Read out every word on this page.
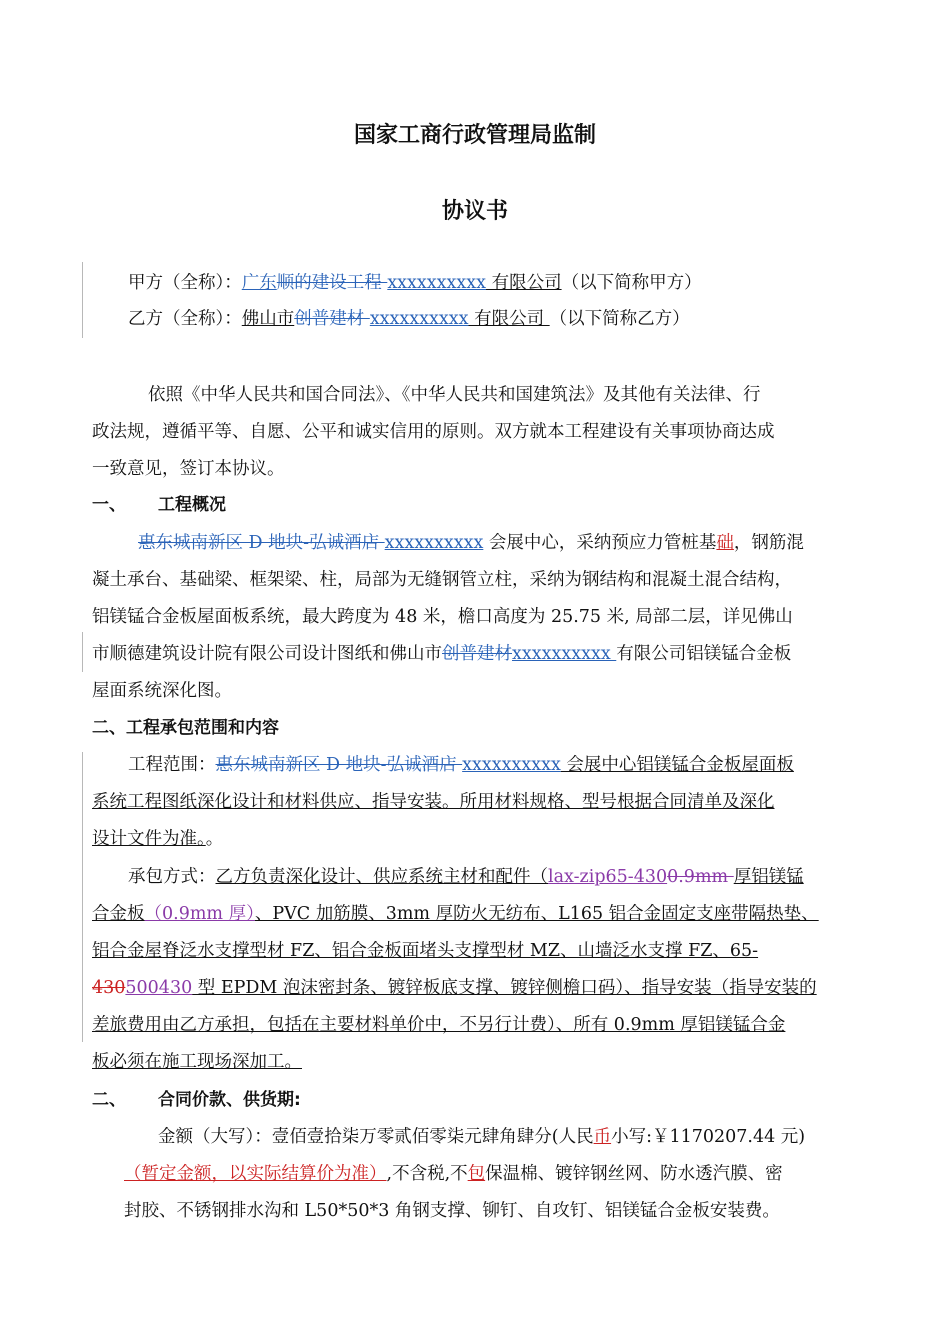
国家工商行政管理局监制
协议书
甲方（全称）：广东顺的建设工程 xxxxxxxxxx 有限公司（以下简称甲方）
乙方（全称）：佛山市创普建材 xxxxxxxxxx 有限公司 （以下简称乙方）
依照《中华人民共和国合同法》、《中华人民共和国建筑法》及其他有关法律、行
政法规，遵循平等、自愿、公平和诚实信用的原则。双方就本工程建设有关事项协商达成
一致意见，签订本协议。
一、 工程概况
惠东城南新区 D 地块-弘诚酒店 xxxxxxxxxx 会展中心，采纳预应力管桩基础，钢筋混
凝土承台、基础梁、框架梁、柱，局部为无缝钢管立柱，采纳为钢结构和混凝土混合结构，
铝镁锰合金板屋面板系统，最大跨度为 48 米，檐口高度为 25.75 米, 局部二层，详见佛山
市顺德建筑设计院有限公司设计图纸和佛山市创普建材xxxxxxxxxx 有限公司铝镁锰合金板
屋面系统深化图。
二、工程承包范围和内容
工程范围：惠东城南新区 D 地块-弘诚酒店 xxxxxxxxxx 会展中心铝镁锰合金板屋面板
系统工程图纸深化设计和材料供应、指导安装。所用材料规格、型号根据合同清单及深化
设计文件为准。。
承包方式：乙方负责深化设计、供应系统主材和配件（lax-zip65-4300.9mm 厚铝镁锰
合金板（0.9mm 厚）、PVC 加筋膜、3mm 厚防火无纺布、L165 铝合金固定支座带隔热垫、
铝合金屋脊泛水支撑型材 FZ、铝合金板面堵头支撑型材 MZ、山墙泛水支撑 FZ、65-
430500430 型 EPDM 泡沫密封条、镀锌板底支撑、镀锌侧檐口码）、指导安装（指导安装的
差旅费用由乙方承担，包括在主要材料单价中，不另行计费）、所有 0.9mm 厚铝镁锰合金
板必须在施工现场深加工。
二、 合同价款、供货期:
金额（大写）：壹佰壹拾柒万零贰佰零柒元肆角肆分(人民币小写:￥1170207.44 元)
（暂定金额，以实际结算价为准）,不含税,不包保温棉、镀锌钢丝网、防水透汽膜、密
封胶、不锈钢排水沟和 L50*50*3 角钢支撑、铆钉、自攻钉、铝镁锰合金板安装费。
